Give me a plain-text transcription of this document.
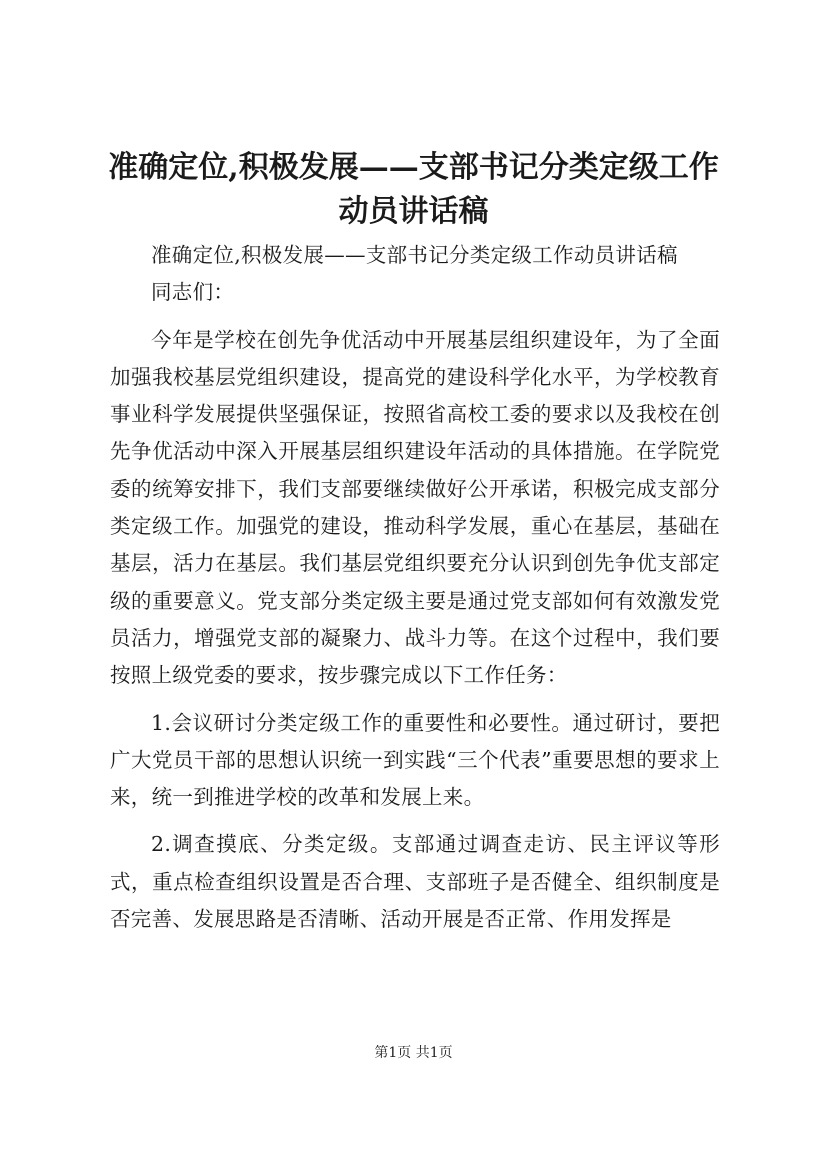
准确定位,积极发展——支部书记分类定级工作动员讲话稿

准确定位,积极发展——支部书记分类定级工作动员讲话稿

同志们：

今年是学校在创先争优活动中开展基层组织建设年，为了全面加强我校基层党组织建设，提高党的建设科学化水平，为学校教育事业科学发展提供坚强保证，按照省高校工委的要求以及我校在创先争优活动中深入开展基层组织建设年活动的具体措施。在学院党委的统筹安排下，我们支部要继续做好公开承诺，积极完成支部分类定级工作。加强党的建设，推动科学发展，重心在基层，基础在基层，活力在基层。我们基层党组织要充分认识到创先争优支部定级的重要意义。党支部分类定级主要是通过党支部如何有效激发党员活力，增强党支部的凝聚力、战斗力等。在这个过程中，我们要按照上级党委的要求，按步骤完成以下工作任务：

1.会议研讨分类定级工作的重要性和必要性。通过研讨，要把广大党员干部的思想认识统一到实践“三个代表”重要思想的要求上来，统一到推进学校的改革和发展上来。

2.调查摸底、分类定级。支部通过调查走访、民主评议等形式，重点检查组织设置是否合理、支部班子是否健全、组织制度是否完善、发展思路是否清晰、活动开展是否正常、作用发挥是

第1页 共1页
